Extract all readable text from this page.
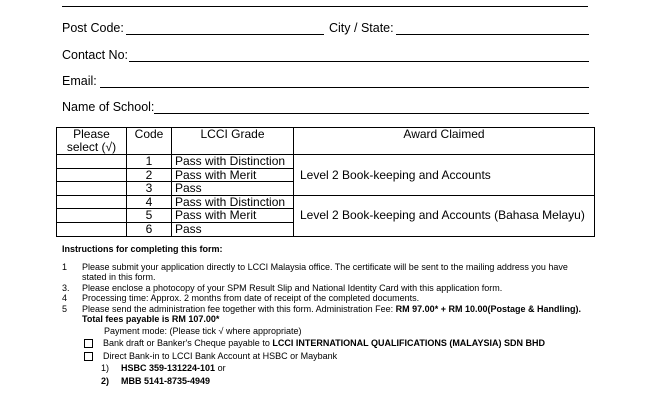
Post Code:	City / State:
Contact No:
Email:
Name of School:
Please select (√)	Code	LCCI Grade	Award Claimed
	1	Pass with Distinction	Level 2 Book-keeping and Accounts
	2	Pass with Merit	
	3	Pass	
	4	Pass with Distinction	Level 2 Book-keeping and Accounts (Bahasa Melayu)
	5	Pass with Merit	
	6	Pass	
Instructions for completing this form:
1 Please submit your application directly to LCCI Malaysia office. The certificate will be sent to the mailing address you have stated in this form.
3. Please enclose a photocopy of your SPM Result Slip and National Identity Card with this application form.
4 Processing time: Approx. 2 months from date of receipt of the completed documents.
5 Please send the administration fee together with this form. Administration Fee: RM 97.00* + RM 10.00(Postage & Handling). Total fees payable is RM 107.00*
Payment mode: (Please tick √ where appropriate)
Bank draft or Banker's Cheque payable to LCCI INTERNATIONAL QUALIFICATIONS (MALAYSIA) SDN BHD
Direct Bank-in to LCCI Bank Account at HSBC or Maybank
1) HSBC 359-131224-101 or
2) MBB 5141-8735-4949
